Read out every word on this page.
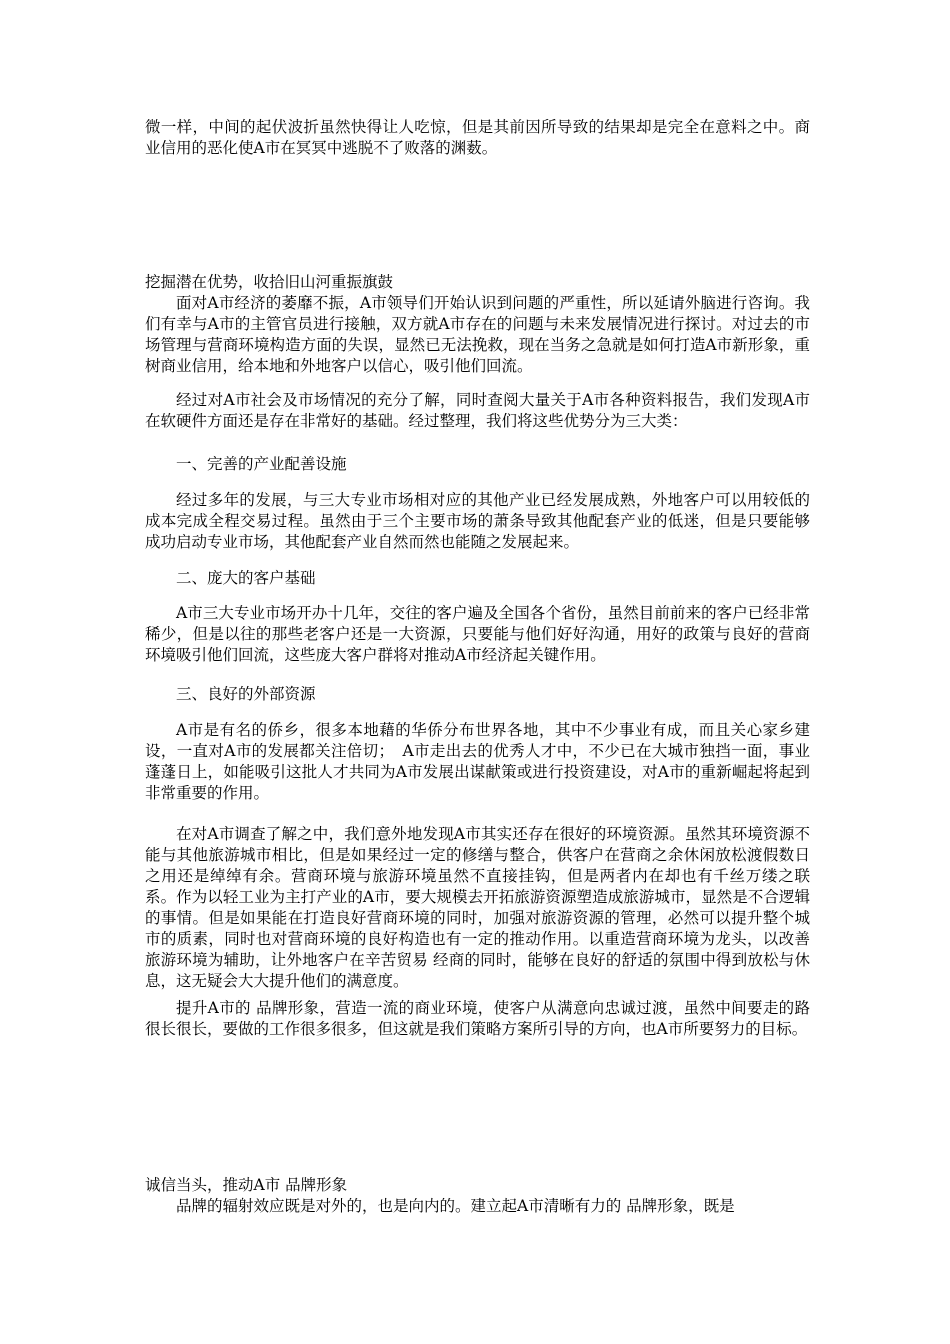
微一样，中间的起伏波折虽然快得让人吃惊，但是其前因所导致的结果却是完全在意料之中。商业信用的恶化使A市在冥冥中逃脱不了败落的渊薮。

挖掘潜在优势，收拾旧山河重振旗鼓

面对A市经济的萎靡不振，A市领导们开始认识到问题的严重性，所以延请外脑进行咨询。我们有幸与A市的主管官员进行接触，双方就A市存在的问题与未来发展情况进行探讨。对过去的市场管理与营商环境构造方面的失误，显然已无法挽救，现在当务之急就是如何打造A市新形象，重树商业信用，给本地和外地客户以信心，吸引他们回流。

经过对A市社会及市场情况的充分了解，同时查阅大量关于A市各种资料报告，我们发现A市在软硬件方面还是存在非常好的基础。经过整理，我们将这些优势分为三大类：

一、完善的产业配善设施

经过多年的发展，与三大专业市场相对应的其他产业已经发展成熟，外地客户可以用较低的成本完成全程交易过程。虽然由于三个主要市场的萧条导致其他配套产业的低迷，但是只要能够成功启动专业市场，其他配套产业自然而然也能随之发展起来。

二、庞大的客户基础

A市三大专业市场开办十几年，交往的客户遍及全国各个省份，虽然目前前来的客户已经非常稀少，但是以往的那些老客户还是一大资源，只要能与他们好好沟通，用好的政策与良好的营商环境吸引他们回流，这些庞大客户群将对推动A市经济起关键作用。

三、良好的外部资源

A市是有名的侨乡，很多本地藉的华侨分布世界各地，其中不少事业有成，而且关心家乡建设，一直对A市的发展都关注倍切；　A市走出去的优秀人才中，不少已在大城市独挡一面，事业蓬蓬日上，如能吸引这批人才共同为A市发展出谋献策或进行投资建设，对A市的重新崛起将起到非常重要的作用。

在对A市调查了解之中，我们意外地发现A市其实还存在很好的环境资源。虽然其环境资源不能与其他旅游城市相比，但是如果经过一定的修缮与整合，供客户在营商之余休闲放松渡假数日之用还是绰绰有余。营商环境与旅游环境虽然不直接挂钩，但是两者内在却也有千丝万缕之联系。作为以轻工业为主打产业的A市，要大规模去开拓旅游资源塑造成旅游城市，显然是不合逻辑的事情。但是如果能在打造良好营商环境的同时，加强对旅游资源的管理，必然可以提升整个城市的质素，同时也对营商环境的良好构造也有一定的推动作用。以重造营商环境为龙头，以改善旅游环境为辅助，让外地客户在辛苦贸易 经商的同时，能够在良好的舒适的氛围中得到放松与休息，这无疑会大大提升他们的满意度。

提升A市的 品牌形象，营造一流的商业环境，使客户从满意向忠诚过渡，虽然中间要走的路很长很长，要做的工作很多很多，但这就是我们策略方案所引导的方向，也A市所要努力的目标。

诚信当头，推动A市 品牌形象

品牌的辐射效应既是对外的，也是向内的。建立起A市清晰有力的 品牌形象，既是
